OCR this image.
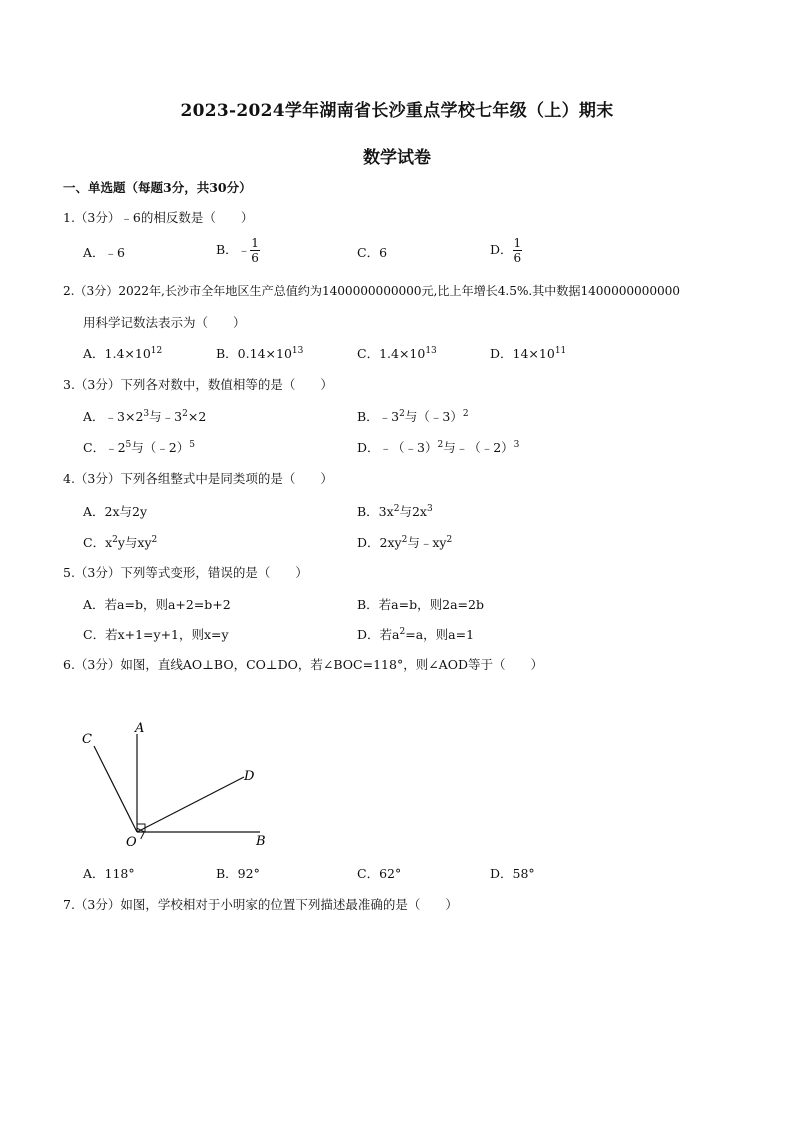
2023-2024学年湖南省长沙重点学校七年级（上）期末
数学试卷
一、单选题（每题3分，共30分）
1.（3分）﹣6的相反数是（　　）
A．﹣6	B．﹣ $\frac{1}{6}$	C．6	D． $\frac{1}{6}$
2.（3分）2022年,长沙市全年地区生产总值约为1400000000000元,比上年增长4.5%.其中数据1400000000000
用科学记数法表示为（　　）
A．$1.4\times 10^{12}$	B．$0.14\times 10^{13}$	C．$1.4\times 10^{13}$	D．$14\times 10^{11}$
3.（3分）下列各对数中，数值相等的是（　　）
A．$﹣3\times 2^3$与$﹣3^2\times 2$	B．$﹣3^2$与（﹣3）$^2$
C．$﹣2^5$与（﹣2）$^5$	D．﹣（﹣3）$^2$与﹣（﹣2）$^3$
4.（3分）下列各组整式中是同类项的是（　　）
A．2x与2y	B．$3x^2$与$2x^3$
C．$x^2y$与$xy^2$	D．$2xy^2$与$﹣xy^2$
5.（3分）下列等式变形，错误的是（　　）
A．若a=b，则a+2=b+2	B．若a=b，则2a=2b
C．若x+1=y+1，则x=y	D．若$a^2=a$，则a=1
6.（3分）如图，直线AO⊥BO，CO⊥DO，若∠BOC=118°，则∠AOD等于（　　）
A
B
C
D
O
A．118°	B．92°	C．62°	D．58°
7.（3分）如图，学校相对于小明家的位置下列描述最准确的是（　　）
